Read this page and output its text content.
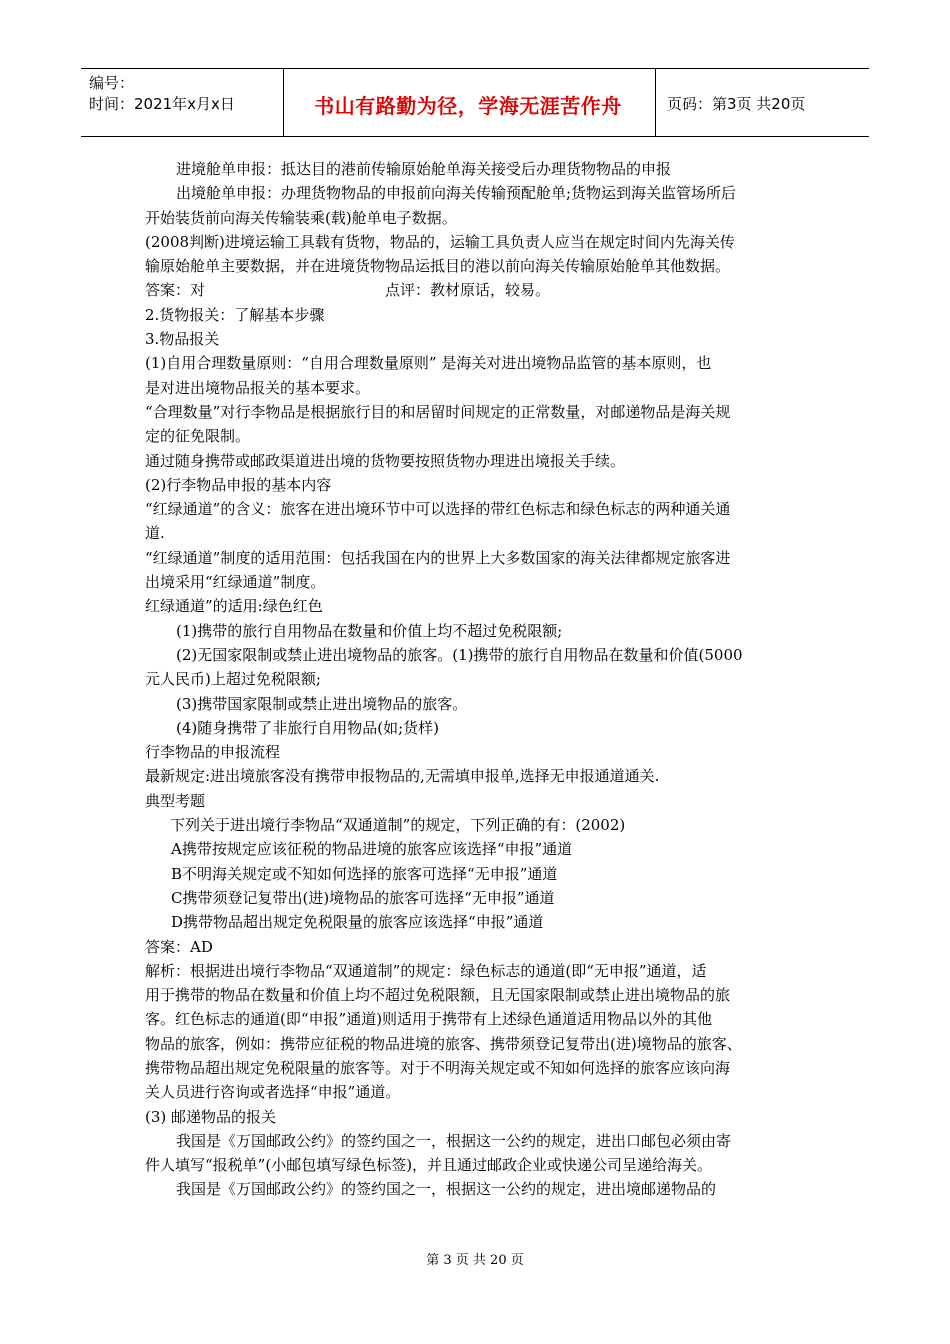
编号：
时间：2021年x月x日	书山有路勤为径，学海无涯苦作舟	页码：第3页 共20页

进境舱单申报：抵达目的港前传输原始舱单海关接受后办理货物物品的申报

出境舱单申报：办理货物物品的申报前向海关传输预配舱单;货物运到海关监管场所后

开始装货前向海关传输装乘(载)舱单电子数据。

(2008判断)进境运输工具载有货物，物品的，运输工具负责人应当在规定时间内先海关传

输原始舱单主要数据，并在进境货物物品运抵目的港以前向海关传输原始舱单其他数据。

答案：对	点评：教材原话，较易。

2.货物报关：了解基本步骤

3.物品报关

(1)自用合理数量原则：“自用合理数量原则” 是海关对进出境物品监管的基本原则，也

是对进出境物品报关的基本要求。

“合理数量”对行李物品是根据旅行目的和居留时间规定的正常数量，对邮递物品是海关规

定的征免限制。

通过随身携带或邮政渠道进出境的货物要按照货物办理进出境报关手续。

(2)行李物品申报的基本内容

“红绿通道”的含义：旅客在进出境环节中可以选择的带红色标志和绿色标志的两种通关通

道.

“红绿通道”制度的适用范围：包括我国在内的世界上大多数国家的海关法律都规定旅客进

出境采用“红绿通道”制度。

红绿通道”的适用:绿色红色

(1)携带的旅行自用物品在数量和价值上均不超过免税限额;

(2)无国家限制或禁止进出境物品的旅客。(1)携带的旅行自用物品在数量和价值(5000

元人民币)上超过免税限额;

(3)携带国家限制或禁止进出境物品的旅客。

(4)随身携带了非旅行自用物品(如;货样)

行李物品的申报流程

最新规定:进出境旅客没有携带申报物品的,无需填申报单,选择无申报通道通关.

典型考题

下列关于进出境行李物品“双通道制”的规定，下列正确的有：(2002)

A携带按规定应该征税的物品进境的旅客应该选择“申报”通道

B不明海关规定或不知如何选择的旅客可选择“无申报”通道

C携带须登记复带出(进)境物品的旅客可选择“无申报”通道

D携带物品超出规定免税限量的旅客应该选择“申报”通道

答案：AD

解析：根据进出境行李物品“双通道制”的规定：绿色标志的通道(即“无申报”通道，适

用于携带的物品在数量和价值上均不超过免税限额，且无国家限制或禁止进出境物品的旅

客。红色标志的通道(即“申报”通道)则适用于携带有上述绿色通道适用物品以外的其他

物品的旅客，例如：携带应征税的物品进境的旅客、携带须登记复带出(进)境物品的旅客、

携带物品超出规定免税限量的旅客等。对于不明海关规定或不知如何选择的旅客应该向海

关人员进行咨询或者选择“申报”通道。

(3) 邮递物品的报关

我国是《万国邮政公约》的签约国之一，根据这一公约的规定，进出口邮包必须由寄

件人填写“报税单”(小邮包填写绿色标签)，并且通过邮政企业或快递公司呈递给海关。

我国是《万国邮政公约》的签约国之一，根据这一公约的规定，进出境邮递物品的

第 3 页 共 20 页
